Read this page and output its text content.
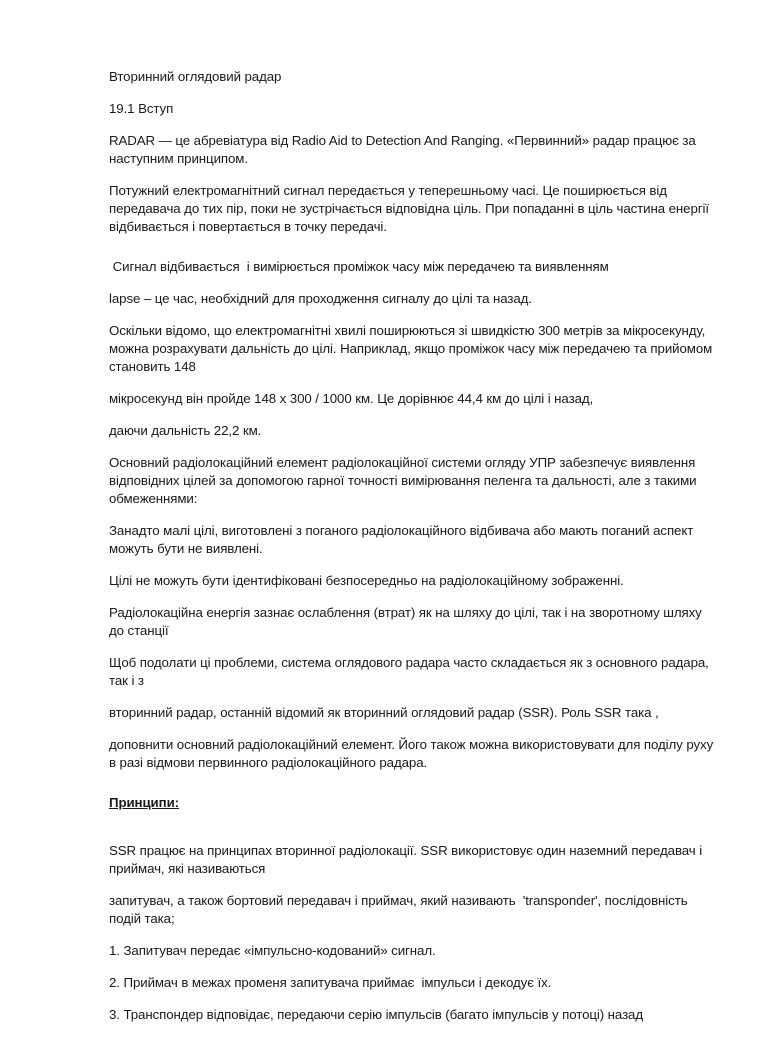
Вторинний оглядовий радар

19.1 Вступ

RADAR — це абревіатура від Radio Aid to Detection And Ranging. «Первинний» радар працює за наступним принципом.

Потужний електромагнітний сигнал передається у теперешньому часі. Це поширюється від передавача до тих пір, поки не зустрічається відповідна ціль. При попаданні в ціль частина енергії відбивається і повертається в точку передачі.

Сигнал відбивається  і вимірюється проміжок часу між передачею та виявленням

lapse – це час, необхідний для проходження сигналу до цілі та назад.

Оскільки відомо, що електромагнітні хвилі поширюються зі швидкістю 300 метрів за мікросекунду, можна розрахувати дальність до цілі. Наприклад, якщо проміжок часу між передачею та прийомом становить 148

мікросекунд він пройде 148 x 300 / 1000 км. Це дорівнює 44,4 км до цілі і назад,

даючи дальність 22,2 км.

Основний радіолокаційний елемент радіолокаційної системи огляду УПР забезпечує виявлення відповідних цілей за допомогою гарної точності вимірювання пеленга та дальності, але з такими обмеженнями:

Занадто малі цілі, виготовлені з поганого радіолокаційного відбивача або мають поганий аспект можуть бути не виявлені.

Цілі не можуть бути ідентифіковані безпосередньо на радіолокаційному зображенні.

Радіолокаційна енергія зазнає ослаблення (втрат) як на шляху до цілі, так і на зворотному шляху до станції

Щоб подолати ці проблеми, система оглядового радара часто складається як з основного радара, так і з

вторинний радар, останній відомий як вторинний оглядовий радар (SSR). Роль SSR така ,

доповнити основний радіолокаційний елемент. Його також можна використовувати для поділу руху в разі відмови первинного радіолокаційного радара.

Принципи:

SSR працює на принципах вторинної радіолокації. SSR використовує один наземний передавач і приймач, які називаються

запитувач, а також бортовий передавач і приймач, який називають  'transponder', послідовність подій така;

1. Запитувач передає «імпульсно-кодований» сигнал.

2. Приймач в межах променя запитувача приймає  імпульси і декодує їх.

3. Транспондер відповідає, передаючи серію імпульсів (багато імпульсів у потоці) назад
